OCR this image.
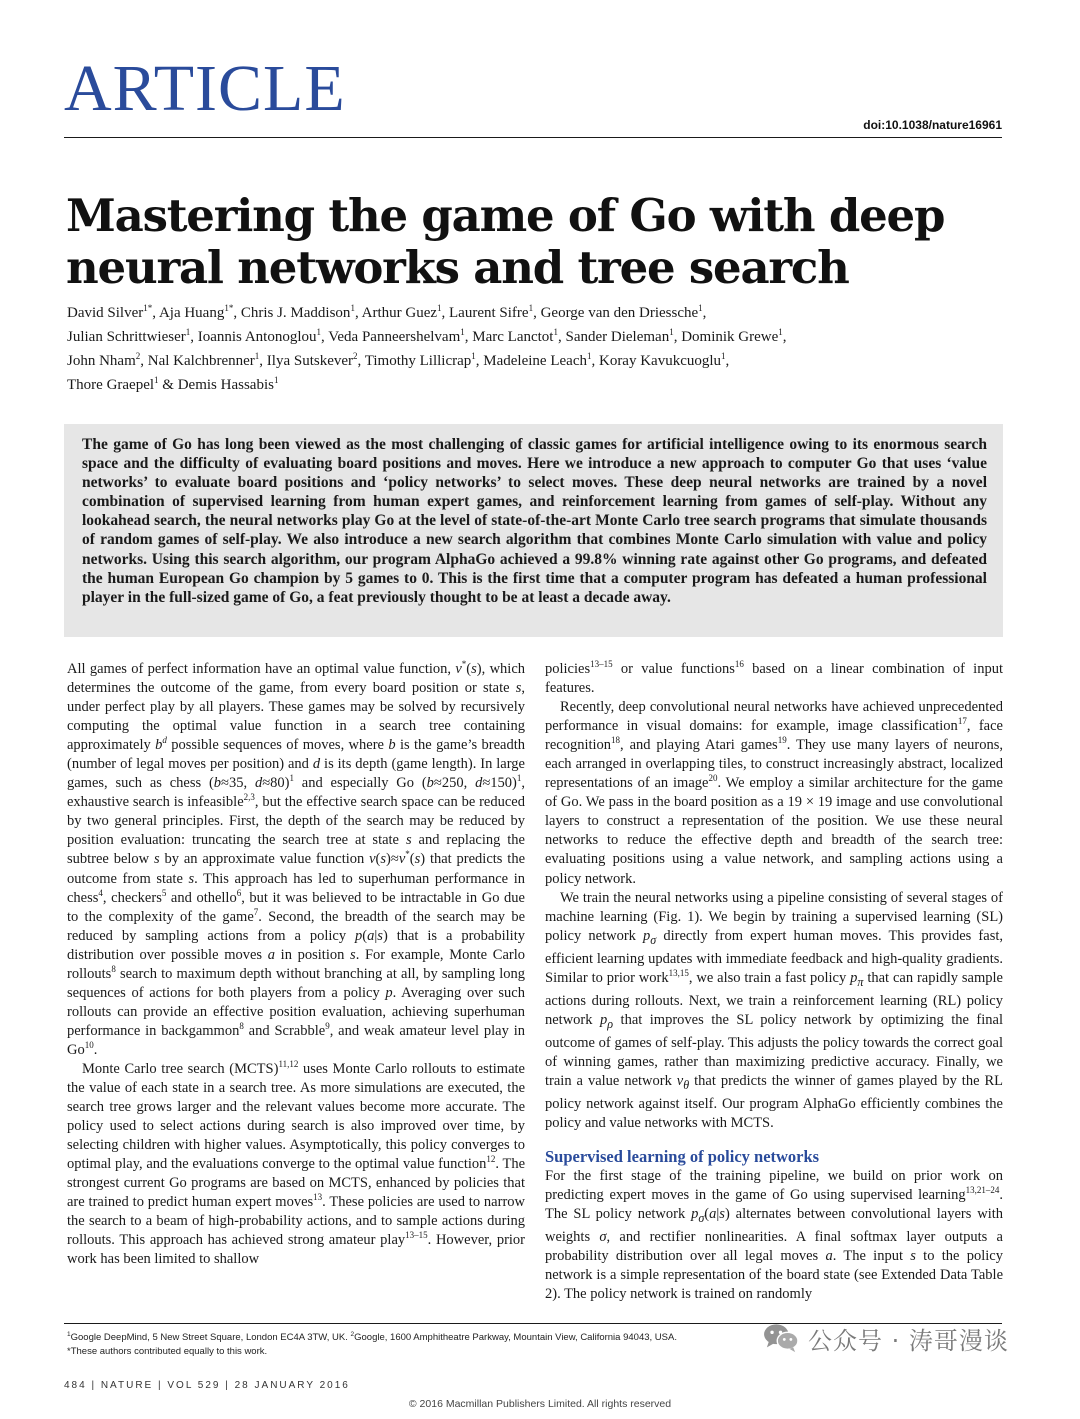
ARTICLE	doi:10.1038/nature16961
Mastering the game of Go with deep neural networks and tree search

David Silver$^{1*}$, Aja Huang$^{1*}$, Chris J. Maddison$^1$, Arthur Guez$^1$, Laurent Sifre$^1$, George van den Driessche$^1$,
Julian Schrittwieser$^1$, Ioannis Antonoglou$^1$, Veda Panneershelvam$^1$, Marc Lanctot$^1$, Sander Dieleman$^1$, Dominik Grewe$^1$,
John Nham$^2$, Nal Kalchbrenner$^1$, Ilya Sutskever$^2$, Timothy Lillicrap$^1$, Madeleine Leach$^1$, Koray Kavukcuoglu$^1$,
Thore Graepel$^1$ & Demis Hassabis$^1$

The game of Go has long been viewed as the most challenging of classic games for artificial intelligence owing to its enormous search space and the difficulty of evaluating board positions and moves. Here we introduce a new approach to computer Go that uses ‘value networks’ to evaluate board positions and ‘policy networks’ to select moves. These deep neural networks are trained by a novel combination of supervised learning from human expert games, and reinforcement learning from games of self-play. Without any lookahead search, the neural networks play Go at the level of state-of-the-art Monte Carlo tree search programs that simulate thousands of random games of self-play. We also introduce a new search algorithm that combines Monte Carlo simulation with value and policy networks. Using this search algorithm, our program AlphaGo achieved a 99.8% winning rate against other Go programs, and defeated the human European Go champion by 5 games to 0. This is the first time that a computer program has defeated a human professional player in the full-sized game of Go, a feat previously thought to be at least a decade away.

All games of perfect information have an optimal value function, v*(s), which determines the outcome of the game, from every board position or state s, under perfect play by all players. These games may be solved by recursively computing the optimal value function in a search tree containing approximately $b^d$ possible sequences of moves, where b is the game’s breadth (number of legal moves per position) and d is its depth (game length). In large games, such as chess (b≈35, d≈80)$^1$ and especially Go (b≈250, d≈150)$^1$, exhaustive search is infeasible$^{2,3}$, but the effective search space can be reduced by two general principles. First, the depth of the search may be reduced by position evaluation: truncating the search tree at state s and replacing the subtree below s by an approximate value function v(s)≈v*(s) that predicts the outcome from state s. This approach has led to superhuman performance in chess$^4$, checkers$^5$ and othello$^6$, but it was believed to be intractable in Go due to the complexity of the game$^7$. Second, the breadth of the search may be reduced by sampling actions from a policy p(a|s) that is a probability distribution over possible moves a in position s. For example, Monte Carlo rollouts$^8$ search to maximum depth without branching at all, by sampling long sequences of actions for both players from a policy p. Averaging over such rollouts can provide an effective position evaluation, achieving superhuman performance in backgammon$^8$ and Scrabble$^9$, and weak amateur level play in Go$^{10}$.

Monte Carlo tree search (MCTS)$^{11,12}$ uses Monte Carlo rollouts to estimate the value of each state in a search tree. As more simulations are executed, the search tree grows larger and the relevant values become more accurate. The policy used to select actions during search is also improved over time, by selecting children with higher values. Asymptotically, this policy converges to optimal play, and the evaluations converge to the optimal value function$^{12}$. The strongest current Go programs are based on MCTS, enhanced by policies that are trained to predict human expert moves$^{13}$. These policies are used to narrow the search to a beam of high-probability actions, and to sample actions during rollouts. This approach has achieved strong amateur play$^{13-15}$. However, prior work has been limited to shallow

policies$^{13-15}$ or value functions$^{16}$ based on a linear combination of input features.

Recently, deep convolutional neural networks have achieved unprecedented performance in visual domains: for example, image classification$^{17}$, face recognition$^{18}$, and playing Atari games$^{19}$. They use many layers of neurons, each arranged in overlapping tiles, to construct increasingly abstract, localized representations of an image$^{20}$. We employ a similar architecture for the game of Go. We pass in the board position as a 19 × 19 image and use convolutional layers to construct a representation of the position. We use these neural networks to reduce the effective depth and breadth of the search tree: evaluating positions using a value network, and sampling actions using a policy network.

We train the neural networks using a pipeline consisting of several stages of machine learning (Fig. 1). We begin by training a supervised learning (SL) policy network $p_\sigma$ directly from expert human moves. This provides fast, efficient learning updates with immediate feedback and high-quality gradients. Similar to prior work$^{13,15}$, we also train a fast policy $p_\pi$ that can rapidly sample actions during rollouts. Next, we train a reinforcement learning (RL) policy network $p_\rho$ that improves the SL policy network by optimizing the final outcome of games of self-play. This adjusts the policy towards the correct goal of winning games, rather than maximizing predictive accuracy. Finally, we train a value network $v_\theta$ that predicts the winner of games played by the RL policy network against itself. Our program AlphaGo efficiently combines the policy and value networks with MCTS.

Supervised learning of policy networks

For the first stage of the training pipeline, we build on prior work on predicting expert moves in the game of Go using supervised learning$^{13,21-24}$. The SL policy network $p_\sigma(a|s)$ alternates between convolutional layers with weights σ, and rectifier nonlinearities. A final softmax layer outputs a probability distribution over all legal moves a. The input s to the policy network is a simple representation of the board state (see Extended Data Table 2). The policy network is trained on randomly

$^1$Google DeepMind, 5 New Street Square, London EC4A 3TW, UK. $^2$Google, 1600 Amphitheatre Parkway, Mountain View, California 94043, USA.
*These authors contributed equally to this work.
484 | NATURE | VOL 529 | 28 JANUARY 2016
© 2016 Macmillan Publishers Limited. All rights reserved
公众号 · 涛哥漫谈
